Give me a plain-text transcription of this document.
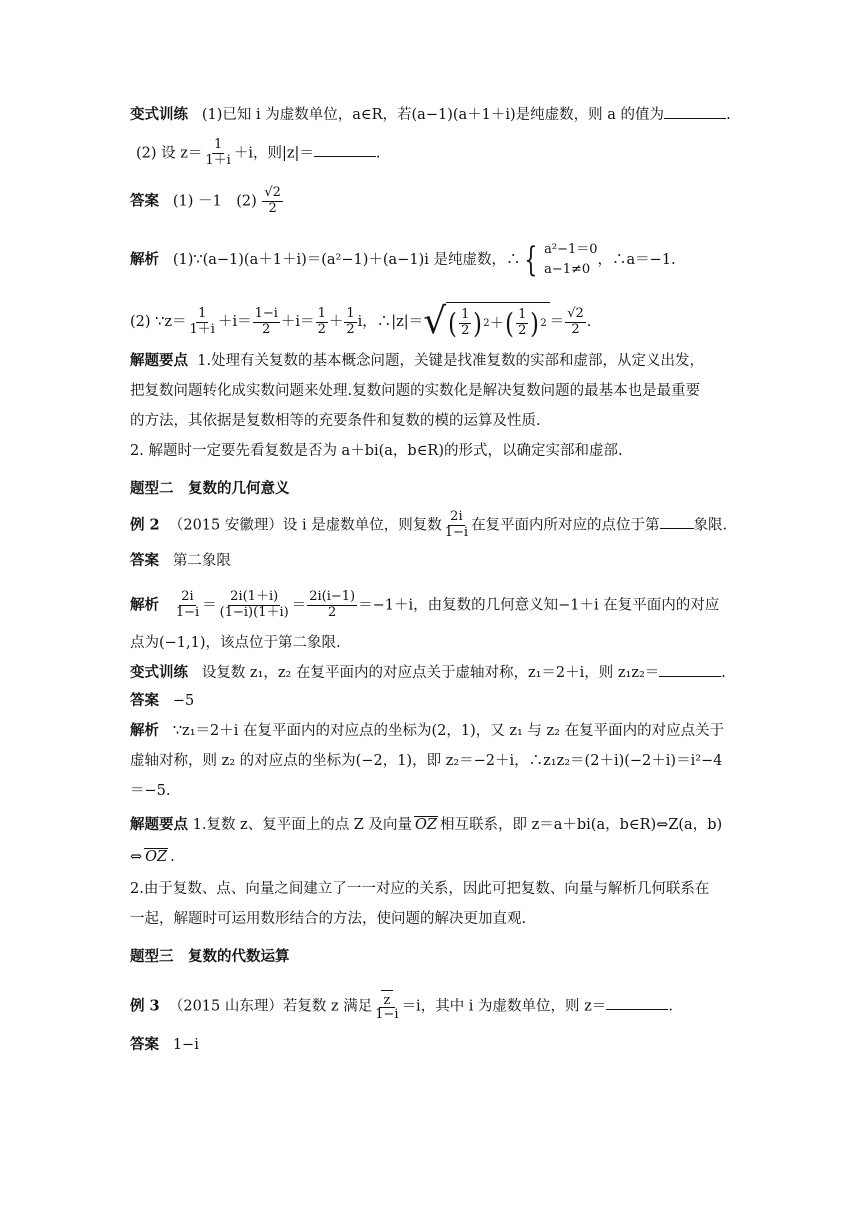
变式训练 (1)已知 i 为虚数单位，a∈R，若(a−1)(a＋1＋i)是纯虚数，则 a 的值为	.
(2) 设 $z= \frac{1}{1+i} +i$，则|z|＝	.
答案 (1) －1　$(2) \frac{√2}{2}$
解析 (1)∵(a−1)(a＋1＋i)＝(a²−1)＋(a−1)i 是纯虚数，∴ { a²−1＝0
a−1≠0
，∴a＝−1.
(2) ∵z＝ $\frac{1}{1+i} +i= \frac{1-i}{2} +i= \frac{1}{2} + \frac{1}{2}$ i，∴|z|＝ √ ( $\frac{1}{2}$ ) 2 ＋ ( $\frac{1}{2}$ ) $2 = \frac{√2}{2}$ .
解题要点 1.处理有关复数的基本概念问题，关键是找准复数的实部和虚部，从定义出发，
把复数问题转化成实数问题来处理.复数问题的实数化是解决复数问题的最基本也是最重要
的方法，其依据是复数相等的充要条件和复数的模的运算及性质.
2. 解题时一定要先看复数是否为 a＋bi(a，b∈R)的形式，以确定实部和虚部.
题型二　复数的几何意义
例 2 （2015 安徽理）设 i 是虚数单位，则复数 $\frac{2i}{1-i}$ 在复平面内所对应的点位于第 象限.
答案 第二象限
解析 $\frac{2i}{1-i} = \frac{2i(1+i)}{(1-i)(1+i)} = \frac{2i(i-1)}{2} =-1+i$，由复数的几何意义知−1＋i 在复平面内的对应
点为(−1,1)，该点位于第二象限.
变式训练 设复数 z₁，z₂ 在复平面内的对应点关于虚轴对称，z₁＝2＋i，则 z₁z₂＝	.
答案 −5
解析 ∵z₁＝2＋i 在复平面内的对应点的坐标为(2，1)，又 z₁ 与 z₂ 在复平面内的对应点关于
虚轴对称，则 z₂ 的对应点的坐标为(−2，1)，即 z₂＝−2＋i，∴z₁z₂＝(2＋i)(−2＋i)＝i²−4
＝−5.
解题要点 1.复数 z、复平面上的点 Z 及向量 OZ 相互联系，即 z＝a＋bi(a，b∈R)⇔Z(a，b)
⇔ OZ .
2.由于复数、点、向量之间建立了一一对应的关系，因此可把复数、向量与解析几何联系在
一起，解题时可运用数形结合的方法，使问题的解决更加直观.
题型三　复数的代数运算
例 3 （2015 山东理）若复数 z 满足 $\frac{z}{1-i} =i$，其中 i 为虚数单位，则 z＝	.
答案 1−i
